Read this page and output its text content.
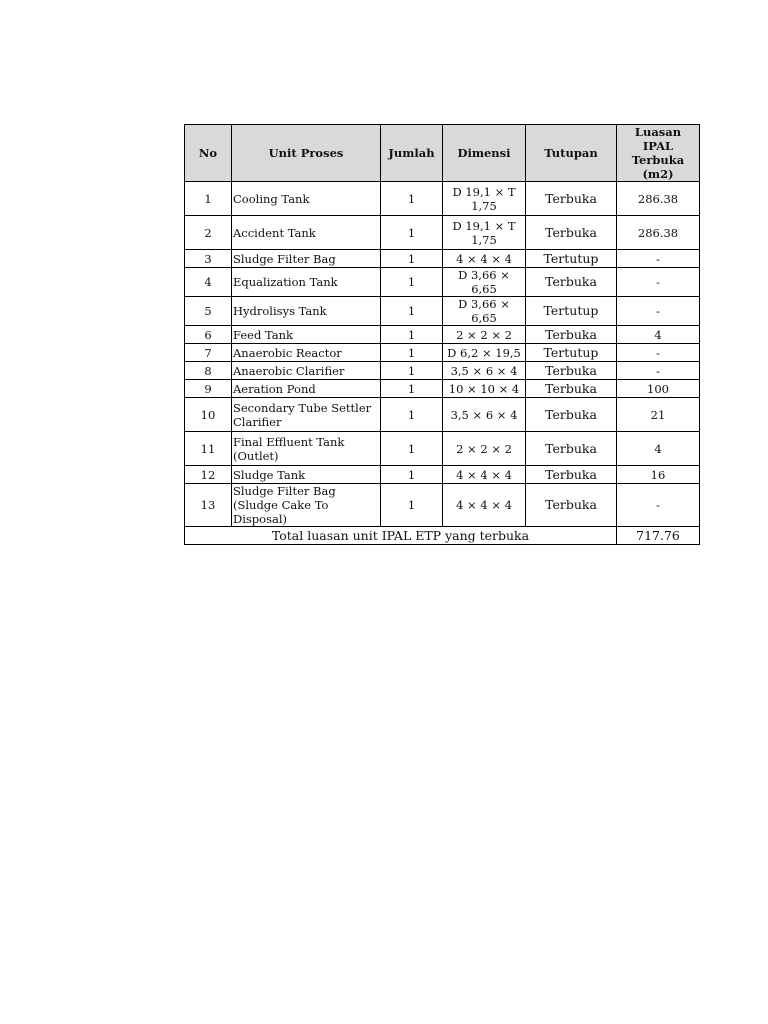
No	Unit Proses	Jumlah	Dimensi	Tutupan	Luasan IPAL Terbuka (m2)
1	Cooling Tank	1	D 19,1 × T 1,75	Terbuka	286.38
2	Accident Tank	1	D 19,1 × T 1,75	Terbuka	286.38
3	Sludge Filter Bag	1	4 × 4 × 4	Tertutup	-
4	Equalization Tank	1	D 3,66 × 6,65	Terbuka	-
5	Hydrolisys Tank	1	D 3,66 × 6,65	Tertutup	-
6	Feed Tank	1	2 × 2 × 2	Terbuka	4
7	Anaerobic Reactor	1	D 6,2 × 19,5	Tertutup	-
8	Anaerobic Clarifier	1	3,5 × 6 × 4	Terbuka	-
9	Aeration Pond	1	10 × 10 × 4	Terbuka	100
10	Secondary Tube Settler Clarifier	1	3,5 × 6 × 4	Terbuka	21
11	Final Effluent Tank (Outlet)	1	2 × 2 × 2	Terbuka	4
12	Sludge Tank	1	4 × 4 × 4	Terbuka	16
13	Sludge Filter Bag (Sludge Cake To Disposal)	1	4 × 4 × 4	Terbuka	-
Total luasan unit IPAL ETP yang terbuka					717.76
